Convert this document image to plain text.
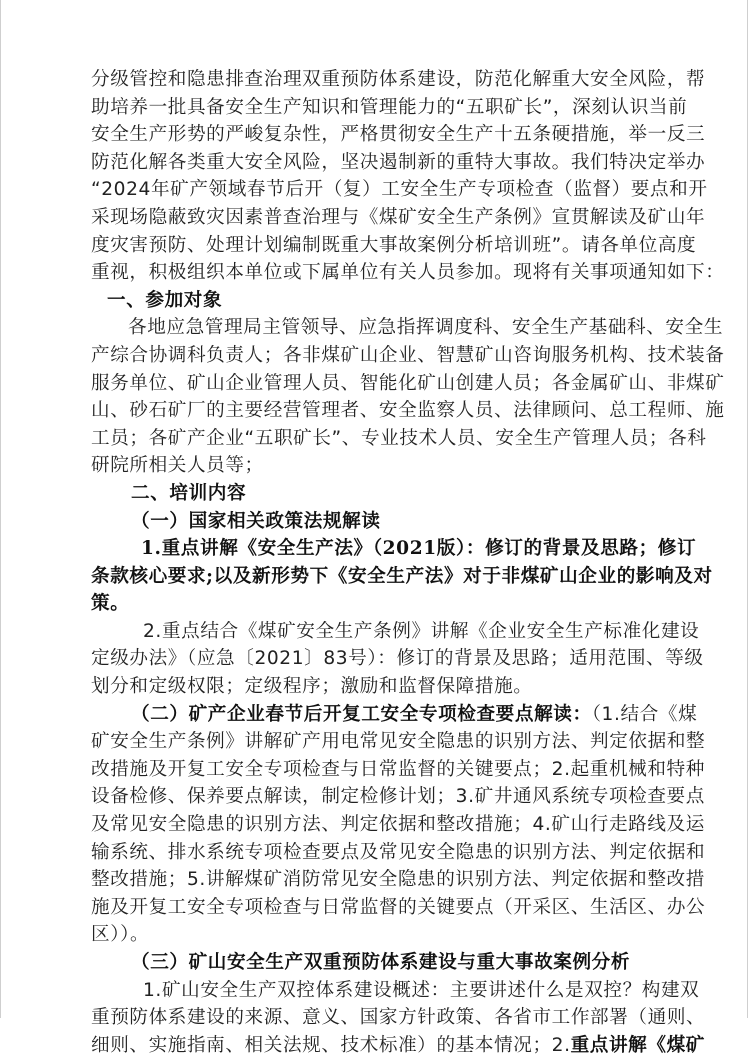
分级管控和隐患排查治理双重预防体系建设，防范化解重大安全风险，帮
助培养一批具备安全生产知识和管理能力的“五职矿长”，深刻认识当前
安全生产形势的严峻复杂性，严格贯彻安全生产十五条硬措施，举一反三
防范化解各类重大安全风险，坚决遏制新的重特大事故。我们特决定举办
“2024年矿产领域春节后开（复）工安全生产专项检查（监督）要点和开
采现场隐蔽致灾因素普查治理与《煤矿安全生产条例》宣贯解读及矿山年
度灾害预防、处理计划编制既重大事故案例分析培训班”。请各单位高度
重视，积极组织本单位或下属单位有关人员参加。现将有关事项通知如下：
一、参加对象
各地应急管理局主管领导、应急指挥调度科、安全生产基础科、安全生
产综合协调科负责人；各非煤矿山企业、智慧矿山咨询服务机构、技术装备
服务单位、矿山企业管理人员、智能化矿山创建人员；各金属矿山、非煤矿
山、砂石矿厂的主要经营管理者、安全监察人员、法律顾问、总工程师、施
工员；各矿产企业“五职矿长”、专业技术人员、安全生产管理人员；各科
研院所相关人员等；
二、培训内容
（一）国家相关政策法规解读
1.重点讲解《安全生产法》（2021版）：修订的背景及思路；修订
条款核心要求;以及新形势下《安全生产法》对于非煤矿山企业的影响及对
策。
2.重点结合《煤矿安全生产条例》讲解《企业安全生产标准化建设
定级办法》（应急〔2021〕83号）：修订的背景及思路；适用范围、等级
划分和定级权限；定级程序；激励和监督保障措施。
（二）矿产企业春节后开复工安全专项检查要点解读：（1.结合《煤
矿安全生产条例》讲解矿产用电常见安全隐患的识别方法、判定依据和整
改措施及开复工安全专项检查与日常监督的关键要点；2.起重机械和特种
设备检修、保养要点解读，制定检修计划；3.矿井通风系统专项检查要点
及常见安全隐患的识别方法、判定依据和整改措施；4.矿山行走路线及运
输系统、排水系统专项检查要点及常见安全隐患的识别方法、判定依据和
整改措施；5.讲解煤矿消防常见安全隐患的识别方法、判定依据和整改措
施及开复工安全专项检查与日常监督的关键要点（开采区、生活区、办公
区））。
（三）矿山安全生产双重预防体系建设与重大事故案例分析
1.矿山安全生产双控体系建设概述：主要讲述什么是双控？构建双
重预防体系建设的来源、意义、国家方针政策、各省市工作部署（通则、
细则、实施指南、相关法规、技术标准）的基本情况；2.重点讲解《煤矿
